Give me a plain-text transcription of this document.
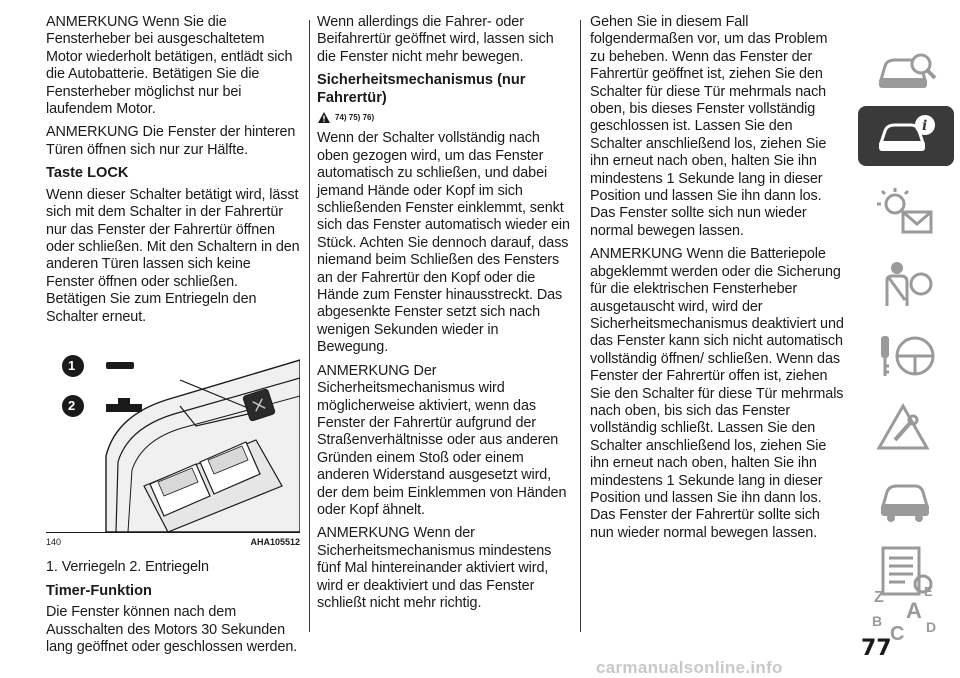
ANMERKUNG Wenn Sie die Fensterheber bei ausgeschaltetem Motor wiederholt betätigen, entlädt sich die Autobatterie. Betätigen Sie die Fensterheber möglichst nur bei laufendem Motor.

ANMERKUNG Die Fenster der hinteren Türen öffnen sich nur zur Hälfte.

Taste LOCK

Wenn dieser Schalter betätigt wird, lässt sich mit dem Schalter in der Fahrertür nur das Fenster der Fahrertür öffnen oder schließen. Mit den Schaltern in den anderen Türen lassen sich keine Fenster öffnen oder schließen. Betätigen Sie zum Entriegeln den Schalter erneut.

1
2
140	AHA105512

1. Verriegeln 2. Entriegeln

Timer-Funktion

Die Fenster können nach dem Ausschalten des Motors 30 Sekunden lang geöffnet oder geschlossen werden.

Wenn allerdings die Fahrer- oder Beifahrertür geöffnet wird, lassen sich die Fenster nicht mehr bewegen.

Sicherheitsmechanismus (nur Fahrertür)
74) 75) 76)

Wenn der Schalter vollständig nach oben gezogen wird, um das Fenster automatisch zu schließen, und dabei jemand Hände oder Kopf im sich schließenden Fenster einklemmt, senkt sich das Fenster automatisch wieder ein Stück. Achten Sie dennoch darauf, dass niemand beim Schließen des Fensters an der Fahrertür den Kopf oder die Hände zum Fenster hinausstreckt. Das abgesenkte Fenster setzt sich nach wenigen Sekunden wieder in Bewegung.

ANMERKUNG Der Sicherheitsmechanismus wird möglicherweise aktiviert, wenn das Fenster der Fahrertür aufgrund der Straßenverhältnisse oder aus anderen Gründen einem Stoß oder einem anderen Widerstand ausgesetzt wird, der dem beim Einklemmen von Händen oder Kopf ähnelt.

ANMERKUNG Wenn der Sicherheitsmechanismus mindestens fünf Mal hintereinander aktiviert wird, wird er deaktiviert und das Fenster schließt nicht mehr richtig.

Gehen Sie in diesem Fall folgendermaßen vor, um das Problem zu beheben. Wenn das Fenster der Fahrertür geöffnet ist, ziehen Sie den Schalter für diese Tür mehrmals nach oben, bis dieses Fenster vollständig geschlossen ist. Lassen Sie den Schalter anschließend los, ziehen Sie ihn erneut nach oben, halten Sie ihn mindestens 1 Sekunde lang in dieser Position und lassen Sie ihn dann los. Das Fenster sollte sich nun wieder normal bewegen lassen.

ANMERKUNG Wenn die Batteriepole abgeklemmt werden oder die Sicherung für die elektrischen Fensterheber ausgetauscht wird, wird der Sicherheitsmechanismus deaktiviert und das Fenster kann sich nicht automatisch vollständig öffnen/ schließen. Wenn das Fenster der Fahrertür offen ist, ziehen Sie den Schalter für diese Tür mehrmals nach oben, bis sich das Fenster vollständig schließt. Lassen Sie den Schalter anschließend los, ziehen Sie ihn erneut nach oben, halten Sie ihn mindestens 1 Sekunde lang in dieser Position und lassen Sie ihn dann los. Das Fenster der Fahrertür sollte sich nun wieder normal bewegen lassen.

i
Z	E
A
B
C D
77
carmanualsonline.info
